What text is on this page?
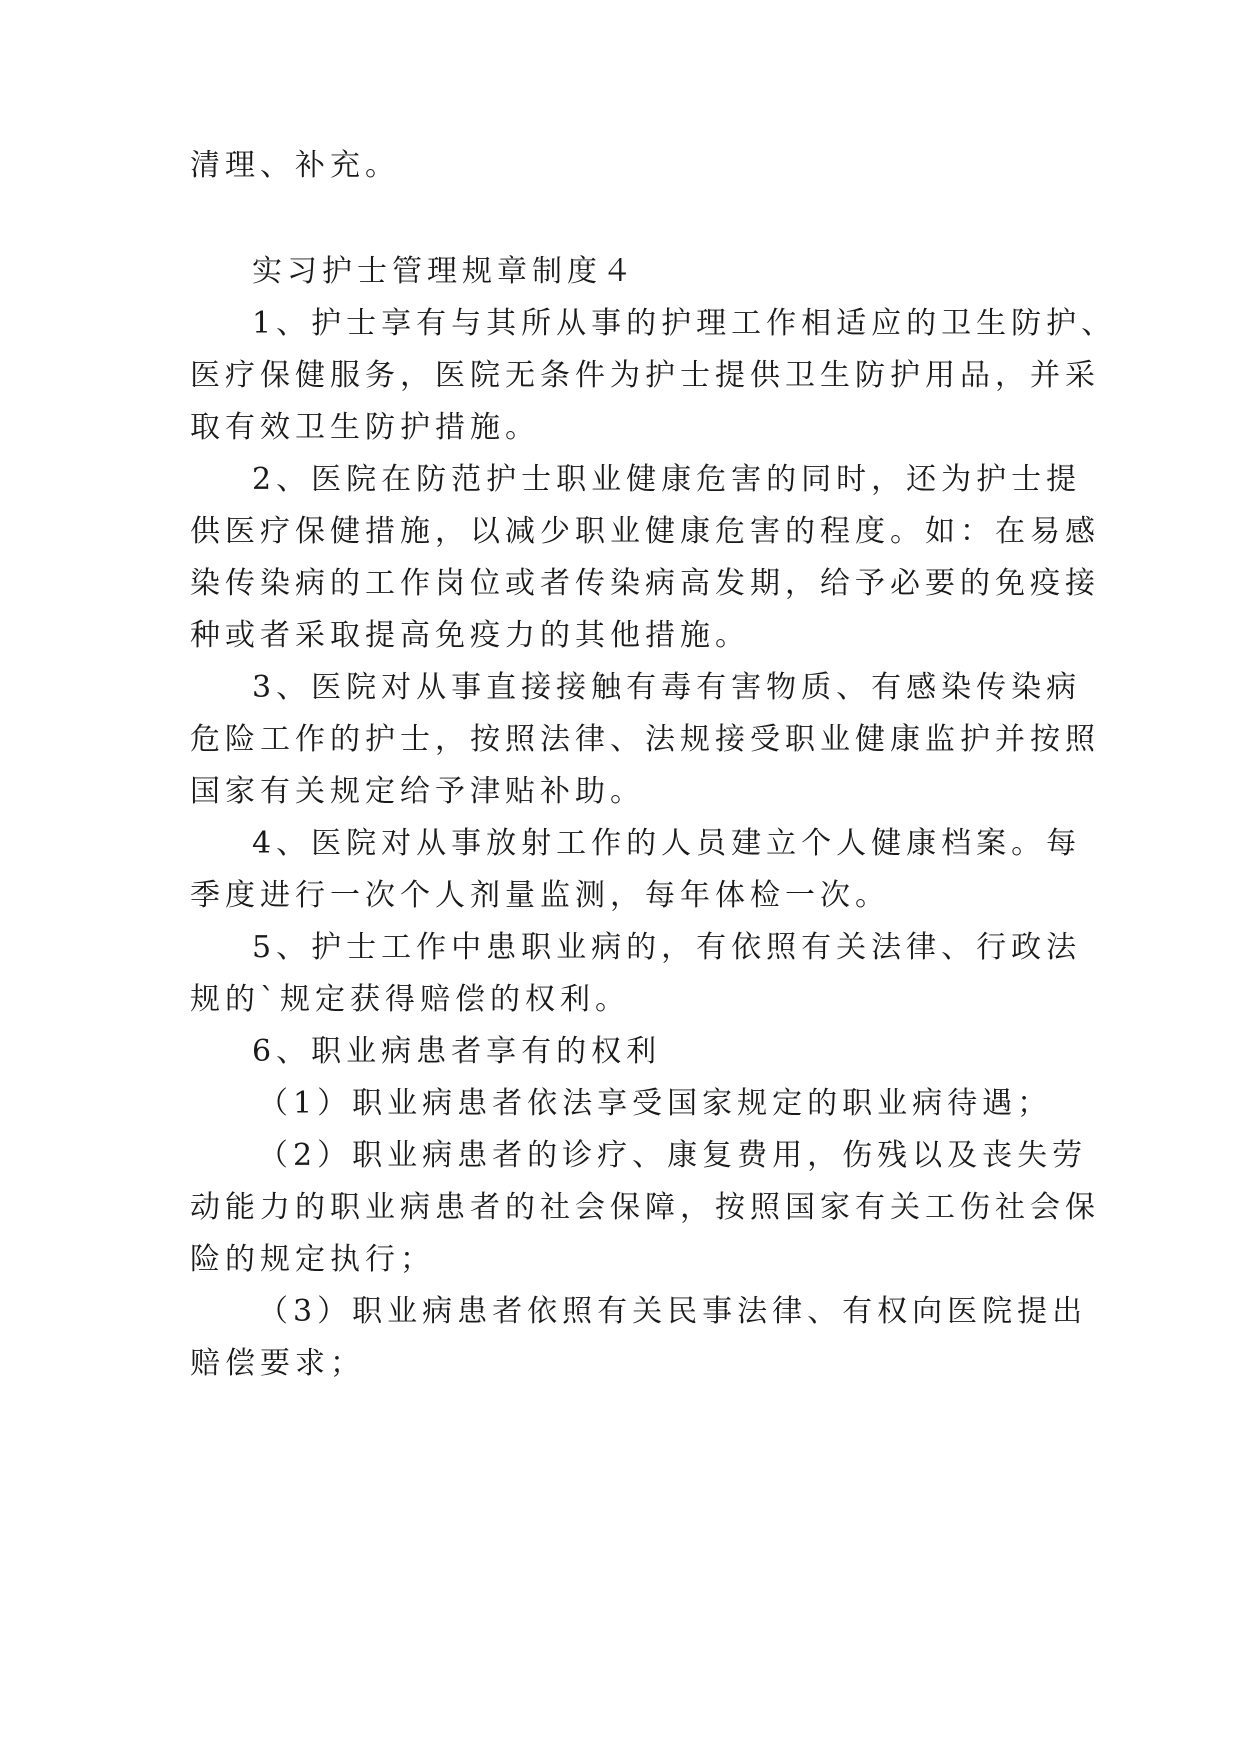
清理、补充。

实习护士管理规章制度４

1、护士享有与其所从事的护理工作相适应的卫生防护、

医疗保健服务，医院无条件为护士提供卫生防护用品，并采

取有效卫生防护措施。

2、医院在防范护士职业健康危害的同时，还为护士提

供医疗保健措施，以减少职业健康危害的程度。如：在易感

染传染病的工作岗位或者传染病高发期，给予必要的免疫接

种或者采取提高免疫力的其他措施。

3、医院对从事直接接触有毒有害物质、有感染传染病

危险工作的护士，按照法律、法规接受职业健康监护并按照

国家有关规定给予津贴补助。

4、医院对从事放射工作的人员建立个人健康档案。每

季度进行一次个人剂量监测，每年体检一次。

5、护士工作中患职业病的，有依照有关法律、行政法

规的`规定获得赔偿的权利。

6、职业病患者享有的权利

（1）职业病患者依法享受国家规定的职业病待遇；

（2）职业病患者的诊疗、康复费用，伤残以及丧失劳

动能力的职业病患者的社会保障，按照国家有关工伤社会保

险的规定执行；

（3）职业病患者依照有关民事法律、有权向医院提出

赔偿要求；
